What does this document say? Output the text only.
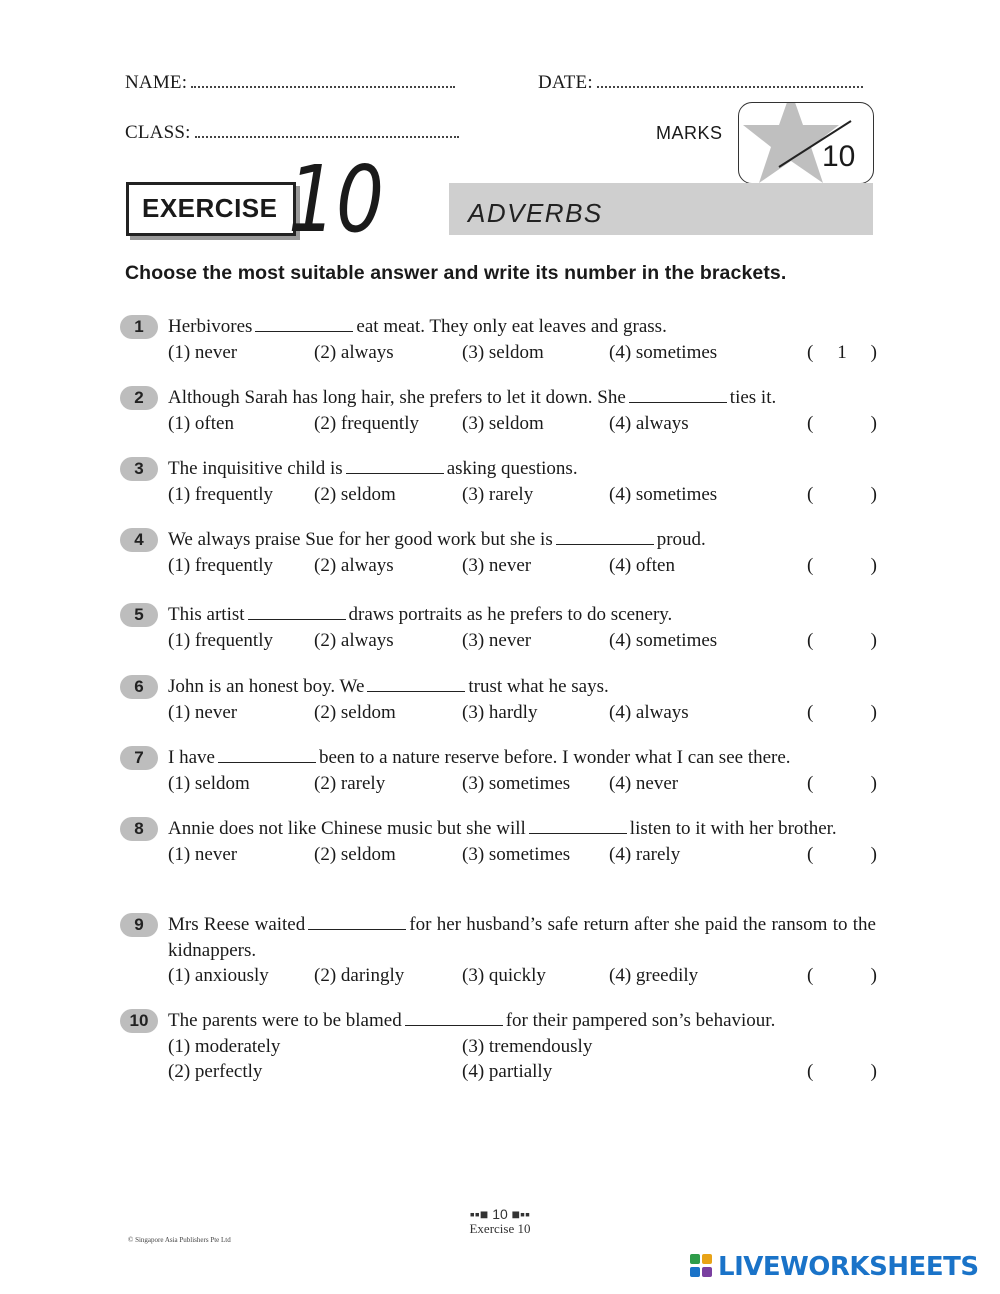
NAME:	DATE:
CLASS:	MARKS
10
EXERCISE 10	ADVERBS
Choose the most suitable answer and write its number in the brackets.
1	Herbivores	eat meat. They only eat leaves and grass.
(1) never	(2) always	(3) seldom	(4) sometimes	(	1	)
2	Although Sarah has long hair, she prefers to let it down. She	ties it.
(1) often	(2) frequently (3) seldom	(4) always	(	)
3	The inquisitive child is	asking questions.
(1) frequently (2) seldom	(3) rarely	(4) sometimes	(	)
4	We always praise Sue for her good work but she is	proud.
(1) frequently (2) always	(3) never	(4) often	(	)
5	This artist	draws portraits as he prefers to do scenery.
(1) frequently (2) always	(3) never	(4) sometimes	(	)
6	John is an honest boy. We	trust what he says.
(1) never	(2) seldom	(3) hardly	(4) always	(	)
7	I have	been to a nature reserve before. I wonder what I can see there.
(1) seldom	(2) rarely	(3) sometimes (4) never	(	)
8	Annie does not like Chinese music but she will	listen to it with her brother.
(1) never	(2) seldom	(3) sometimes (4) rarely	(	)
9	Mrs Reese waited	for her husband’s safe return after she paid the ransom to the kidnappers.
(1) anxiously (2) daringly	(3) quickly	(4) greedily	(	)
10	The parents were to be blamed	for their pampered son’s behaviour.
(1) moderately	(3) tremendously
(2) perfectly	(4) partially	(	)
▪▪■ 10 ■▪▪
Exercise 10
© Singapore Asia Publishers Pte Ltd
LIVEWORKSHEETS
